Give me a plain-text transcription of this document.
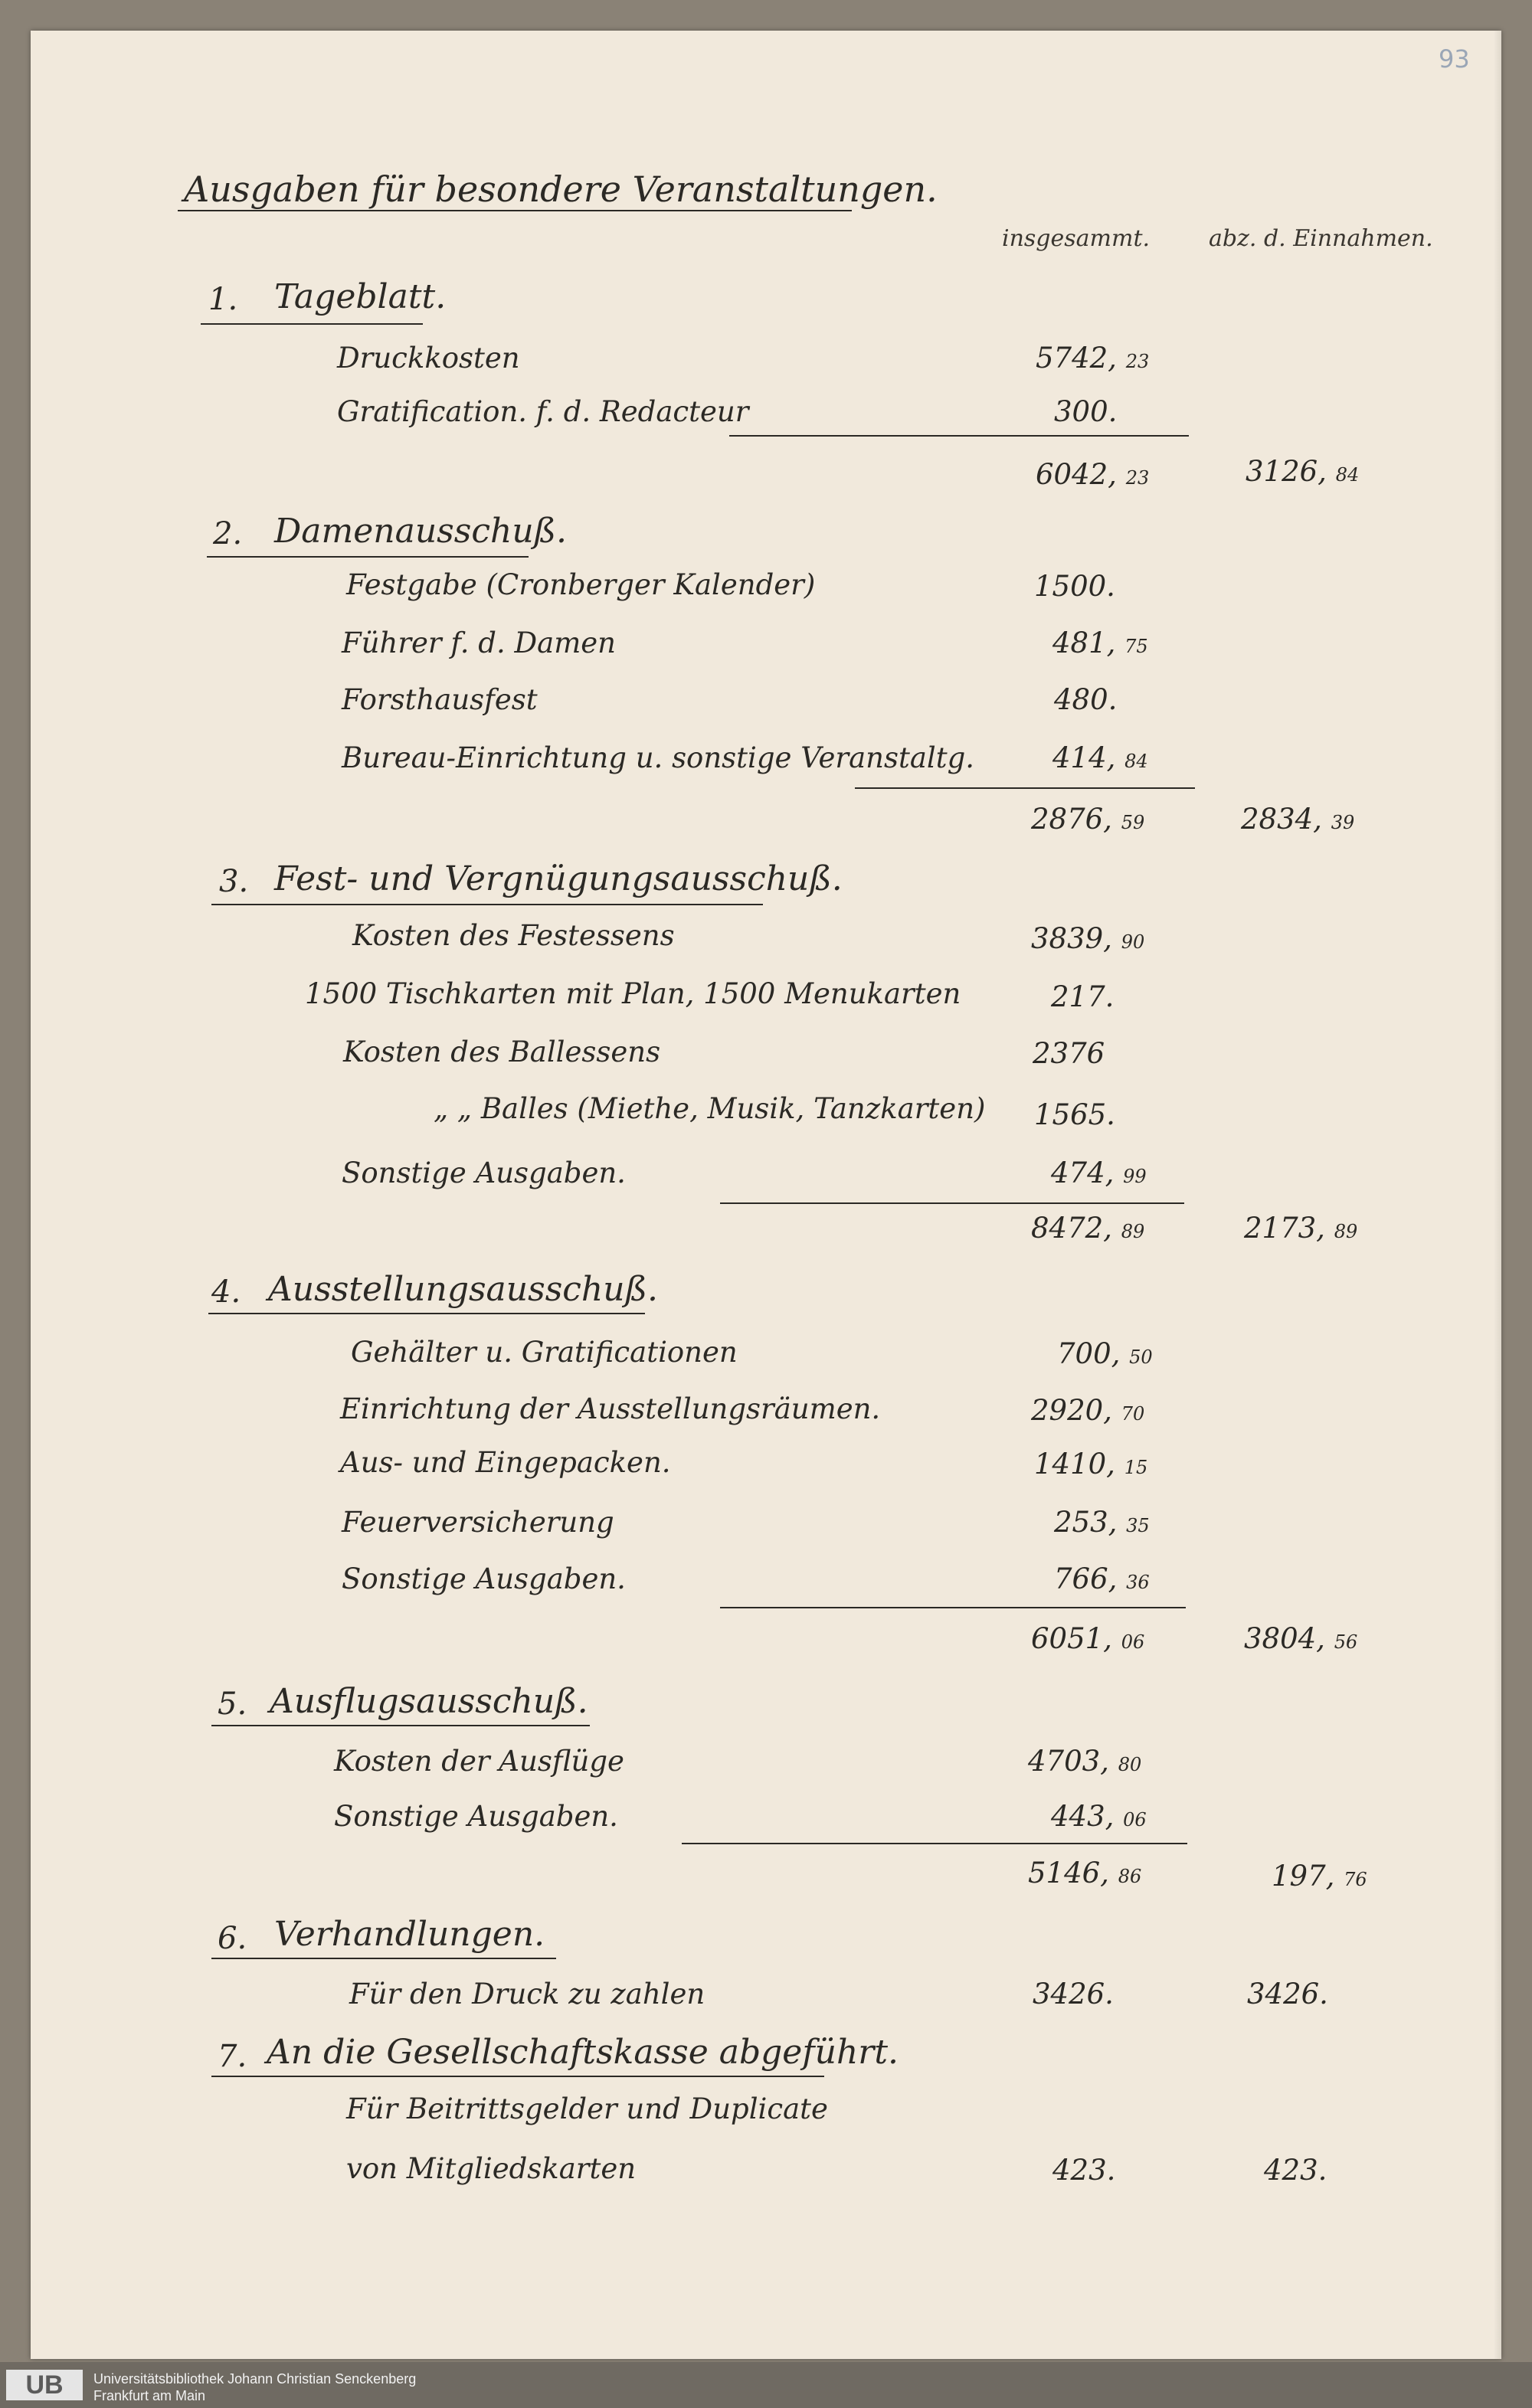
93
Ausgaben für besondere Veranstaltungen.
insgesammt.	abz. d. Einnahmen.
1. Tageblatt.
Druckkosten	5742, 23
Gratification. f. d. Redacteur	300.
6042, 23	3126, 84
2. Damenausschuß.
Festgabe (Cronberger Kalender)	1500.
Führer f. d. Damen	481, 75
Forsthausfest	480.
Bureau-Einrichtung u. sonstige Veranstaltg.	414, 84
2876, 59	2834, 39
3. Fest- und Vergnügungsausschuß.
Kosten des Festessens	3839, 90
1500 Tischkarten mit Plan, 1500 Menukarten	217.
Kosten des Ballessens	2376
„ „ Balles (Miethe, Musik, Tanzkarten) 1565.
Sonstige Ausgaben.	474, 99
8472, 89	2173, 89
4. Ausstellungsausschuß.
Gehälter u. Gratificationen	700, 50
Einrichtung der Ausstellungsräumen.	2920, 70
Aus- und Eingepacken.	1410, 15
Feuerversicherung	253, 35
Sonstige Ausgaben.	766, 36
6051, 06	3804, 56
5. Ausflugsausschuß.
Kosten der Ausflüge	4703, 80
Sonstige Ausgaben.	443, 06
5146, 86	197, 76
6. Verhandlungen.
Für den Druck zu zahlen	3426.	3426.
7. An die Gesellschaftskasse abgeführt.
Für Beitrittsgelder und Duplicate
von Mitgliedskarten	423.	423.
UB	Universitätsbibliothek Johann Christian Senckenberg
Frankfurt am Main
